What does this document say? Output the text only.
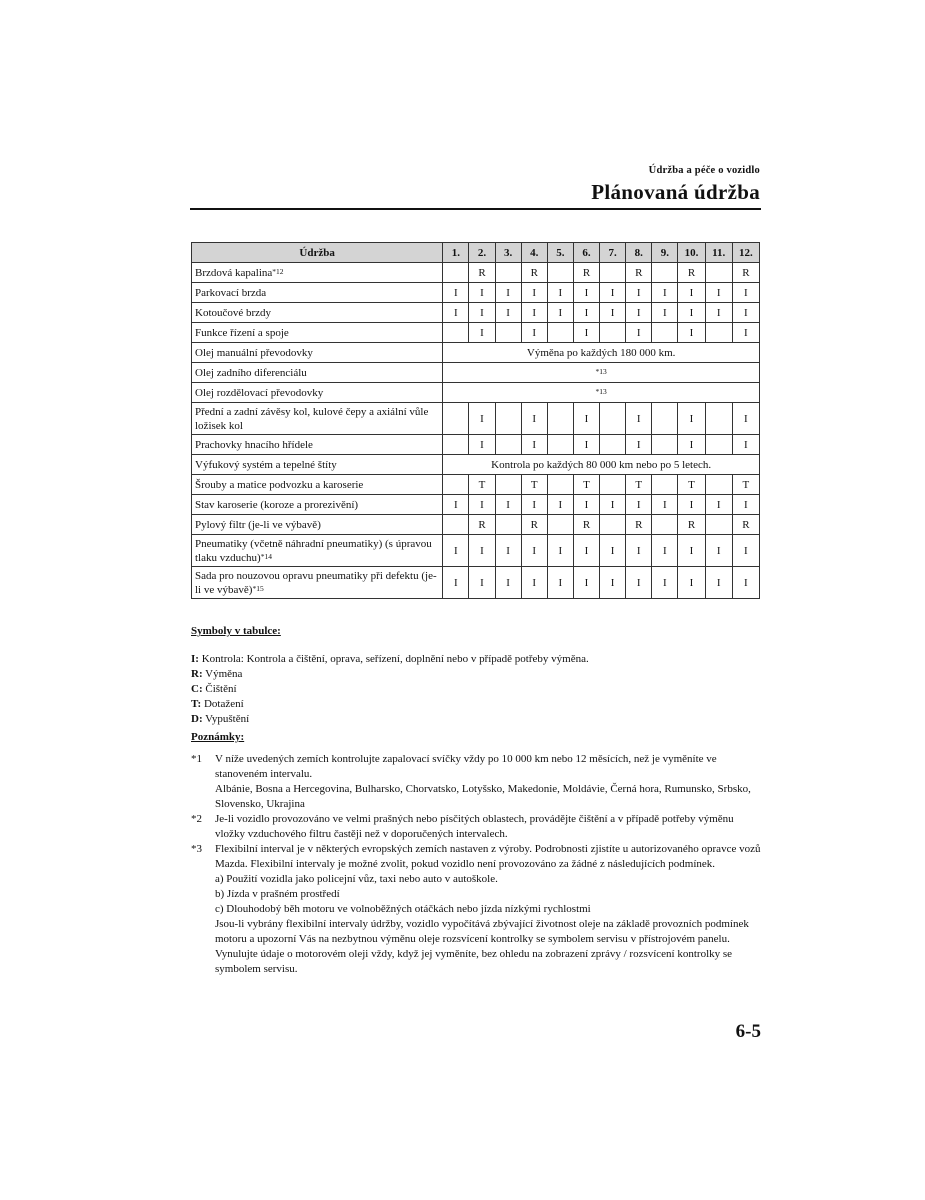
Údržba a péče o vozidlo
Plánovaná údržba
Údržba	1.	2.	3.	4.	5.	6.	7.	8.	9.	10.	11.	12.
Brzdová kapalina$^{*12}$		R		R		R		R		R		R
Parkovací brzda	I	I	I	I	I	I	I	I	I	I	I	I
Kotoučové brzdy	I	I	I	I	I	I	I	I	I	I	I	I
Funkce řízení a spoje		I		I		I		I		I		I
Olej manuální převodovky	Výměna po každých 180 000 km.											
Olej zadního diferenciálu	$^{*13}$
Olej rozdělovací převodovky	$^{*13}$
Přední a zadní závěsy kol, kulové čepy a axiální vůle ložisek kol		I		I		I		I		I		I
Prachovky hnacího hřídele		I		I		I		I		I		I
Výfukový systém a tepelné štíty	Kontrola po každých 80 000 km nebo po 5 letech.											
Šrouby a matice podvozku a karoserie		T		T		T		T		T		T
Stav karoserie (koroze a prorezivění)	I	I	I	I	I	I	I	I	I	I	I	I
Pylový filtr (je-li ve výbavě)		R		R		R		R		R		R
Pneumatiky (včetně náhradní pneumatiky) (s úpravou tlaku vzduchu)$^{*14}$	I	I	I	I	I	I	I	I	I	I	I	I
Sada pro nouzovou opravu pneumatiky při defektu (je-li ve výbavě)$^{*15}$	I	I	I	I	I	I	I	I	I	I	I	I
Symboly v tabulce:
I: Kontrola: Kontrola a čištění, oprava, seřízení, doplnění nebo v případě potřeby výměna.
R: Výměna
C: Čištění
T: Dotažení
D: Vypuštění
Poznámky:
*1 V níže uvedených zemích kontrolujte zapalovací svíčky vždy po 10 000 km nebo 12 měsících, než je vyměníte ve stanoveném intervalu.
Albánie, Bosna a Hercegovina, Bulharsko, Chorvatsko, Lotyšsko, Makedonie, Moldávie, Černá hora, Rumunsko, Srbsko, Slovensko, Ukrajina
*2 Je-li vozidlo provozováno ve velmi prašných nebo písčitých oblastech, provádějte čištění a v případě potřeby výměnu vložky vzduchového filtru častěji než v doporučených intervalech.
*3 Flexibilní interval je v některých evropských zemích nastaven z výroby. Podrobnosti zjistíte u autorizovaného opravce vozů Mazda. Flexibilní intervaly je možné zvolit, pokud vozidlo není provozováno za žádné z následujících podmínek.
a) Použití vozidla jako policejní vůz, taxi nebo auto v autoškole.
b) Jízda v prašném prostředí
c) Dlouhodobý běh motoru ve volnoběžných otáčkách nebo jízda nízkými rychlostmi
Jsou-li vybrány flexibilní intervaly údržby, vozidlo vypočítává zbývající životnost oleje na základě provozních podmínek motoru a upozorní Vás na nezbytnou výměnu oleje rozsvícení kontrolky se symbolem servisu v přístrojovém panelu.
Vynulujte údaje o motorovém oleji vždy, když jej vyměníte, bez ohledu na zobrazení zprávy / rozsvícení kontrolky se symbolem servisu.
6-5
